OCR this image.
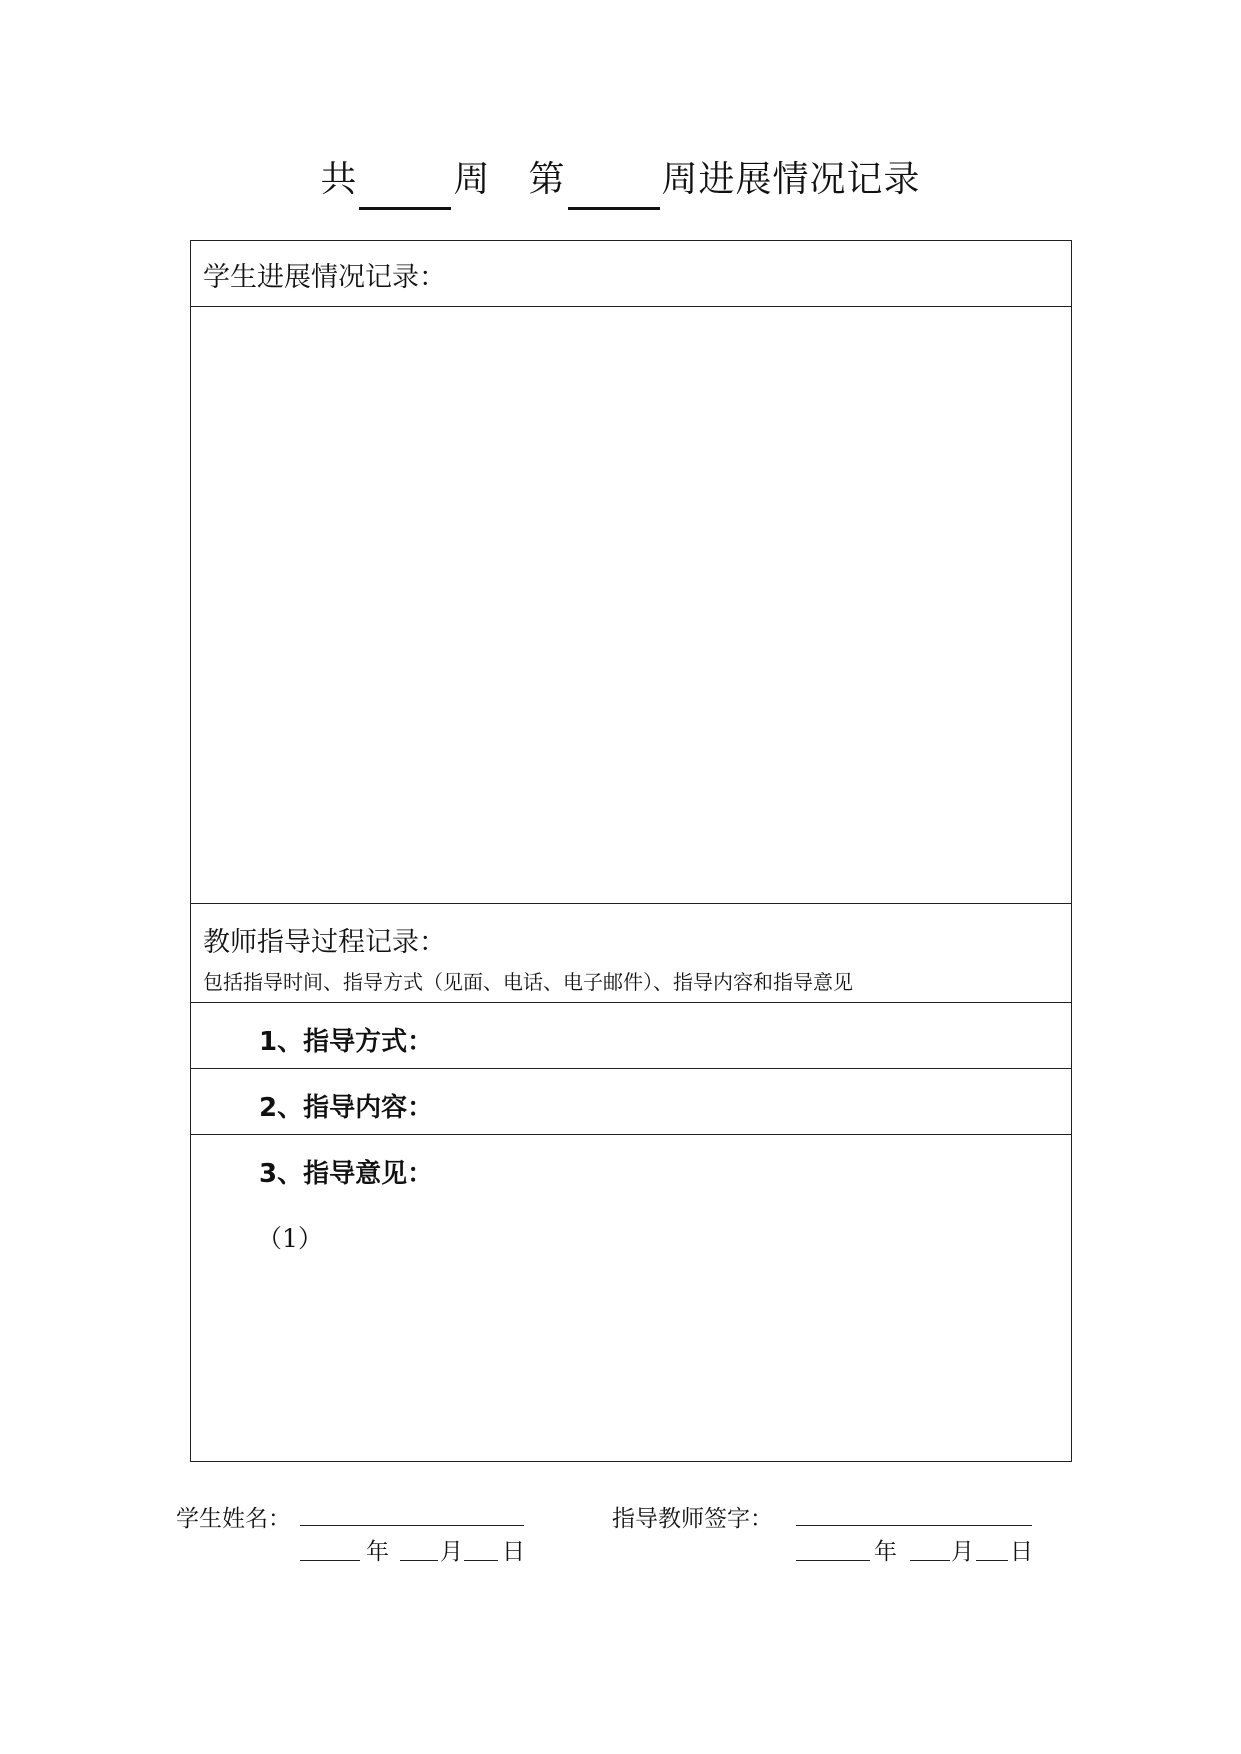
共	周 第	周进展情况记录
学生进展情况记录：
教师指导过程记录：
包括指导时间、指导方式（见面、电话、电子邮件）、指导内容和指导意见
1、指导方式：
2、指导内容：
3、指导意见：
（1）
学生姓名：
年 月 日
指导教师签字：
年 月 日
